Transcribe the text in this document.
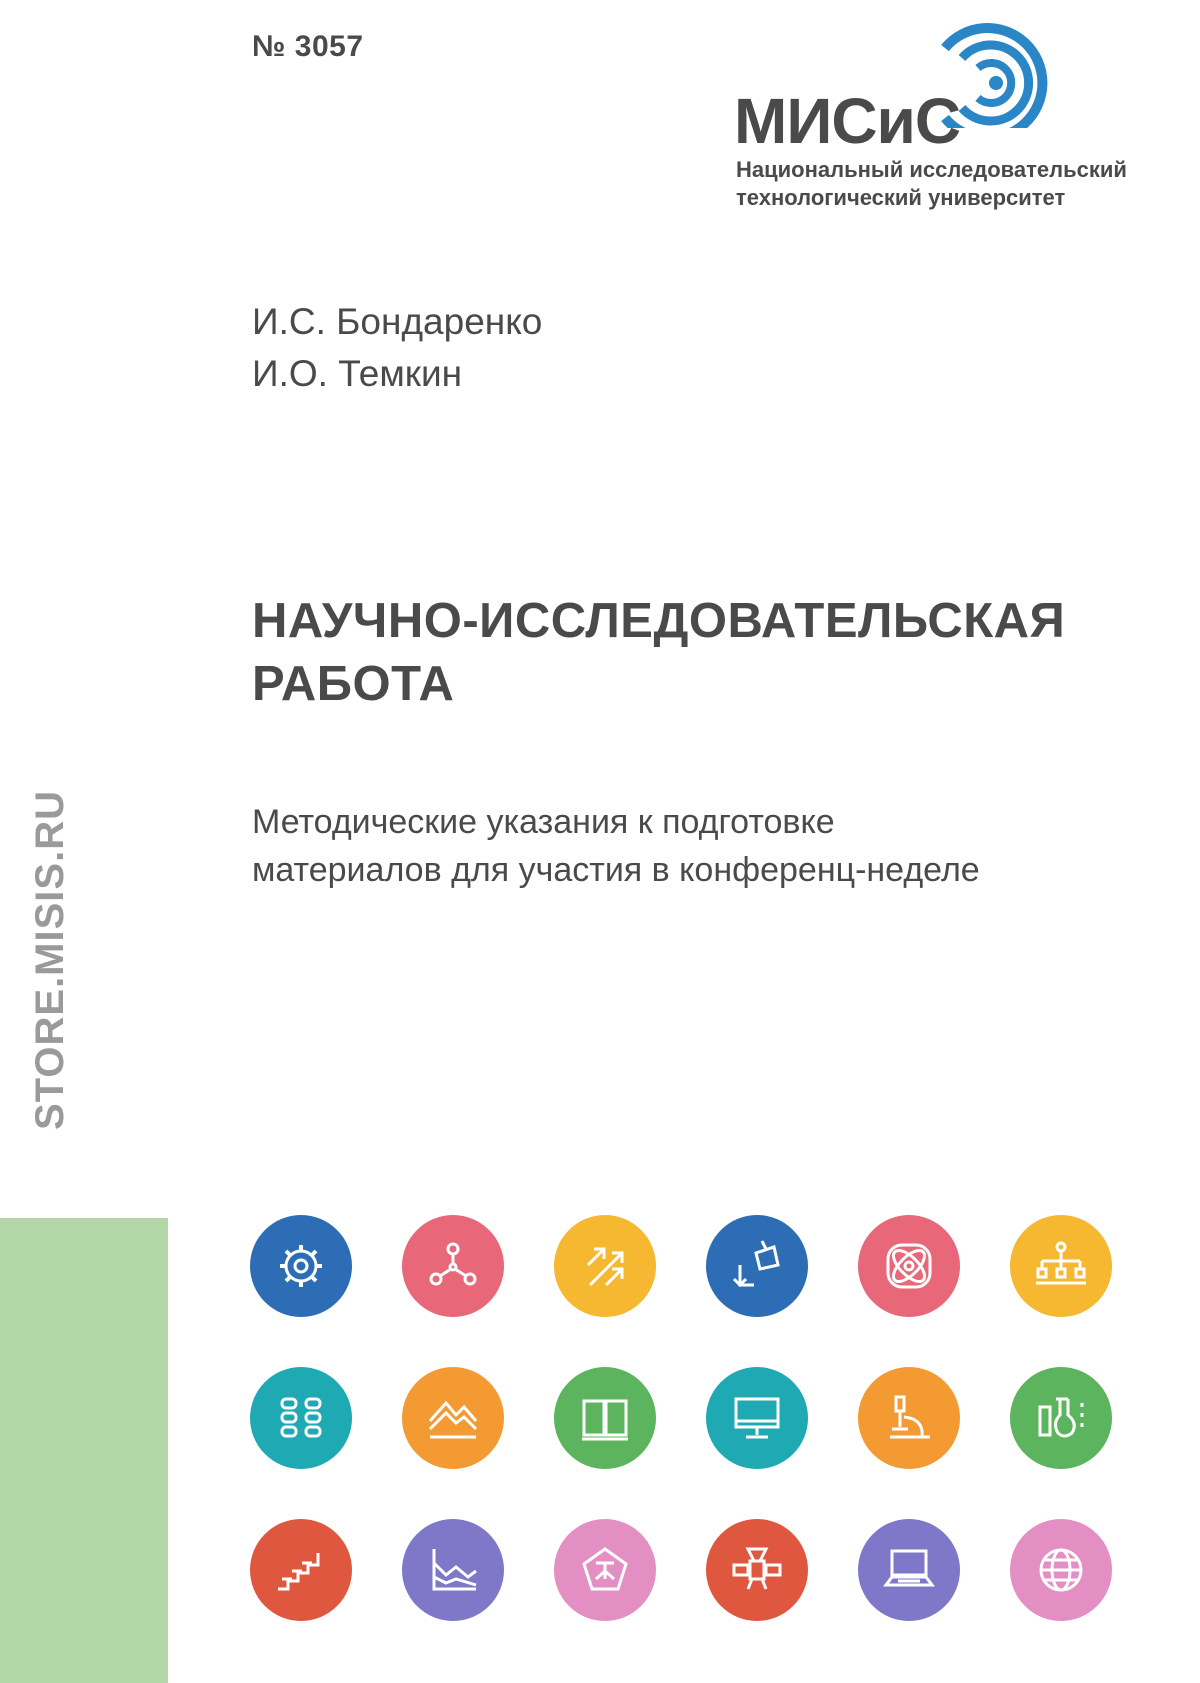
№ 3057
МИСиС
Национальный исследовательский
технологический университет
И.С. Бондаренко
И.О. Темкин
НАУЧНО-ИССЛЕДОВАТЕЛЬСКАЯ
РАБОТА
Методические указания к подготовке
материалов для участия в конференц-неделе
STORE.MISIS.RU
